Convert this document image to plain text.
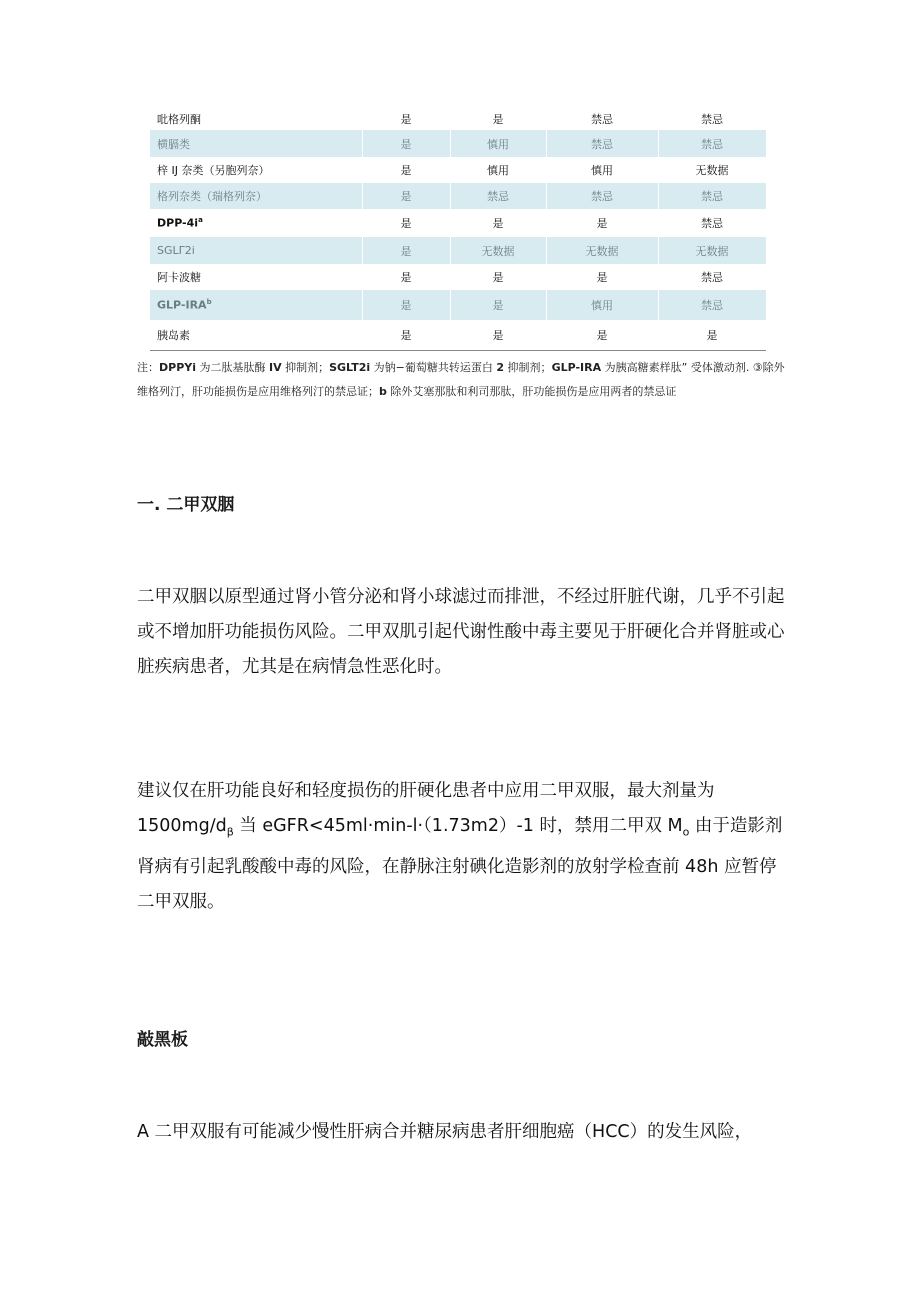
吡格列酮	是	是	禁忌	禁忌
横膈类	是	慎用	禁忌	禁忌
梓 IJ 奈类（另胞列奈）	是	慎用	慎用	无数据
格列奈类（瑞格列奈）	是	禁忌	禁忌	禁忌
DPP-$4i^a$	是	是	是	禁忌
SGLΓ2i	是	无数据	无数据	无数据
阿卡波糖	是	是	是	禁忌
GLP-IRA$^b$	是	是	慎用	禁忌
胰岛素	是	是	是	是
注：DPPYi 为二肽基肽酶 IV 抑制剂；SGLT2i 为钠−葡萄糖共转运蛋白 2 抑制剂；GLP-IRA 为胰高糖素样肽” 受体激动剂. ③除外维格列汀，肝功能损伤是应用维格列汀的禁忌证；b 除外艾塞那肽和利司那肽，肝功能损伤是应用两者的禁忌证
一. 二甲双胭
二甲双胭以原型通过肾小管分泌和肾小球滤过而排泄，不经过肝脏代谢，几乎不引起或不增加肝功能损伤风险。二甲双肌引起代谢性酸中毒主要见于肝硬化合并肾脏或心脏疾病患者，尤其是在病情急性恶化时。
建议仅在肝功能良好和轻度损伤的肝硬化患者中应用二甲双服，最大剂量为 $1500mg∕d_\beta$ 当 eGFR<45ml·min-l·（1.73m2）-1 时，禁用二甲双 $M_o$ 由于造影剂肾病有引起乳酸酸中毒的风险，在静脉注射碘化造影剂的放射学检查前 48h 应暂停二甲双服。
敲黑板
A 二甲双服有可能减少慢性肝病合并糖尿病患者肝细胞癌（HCC）的发生风险，
